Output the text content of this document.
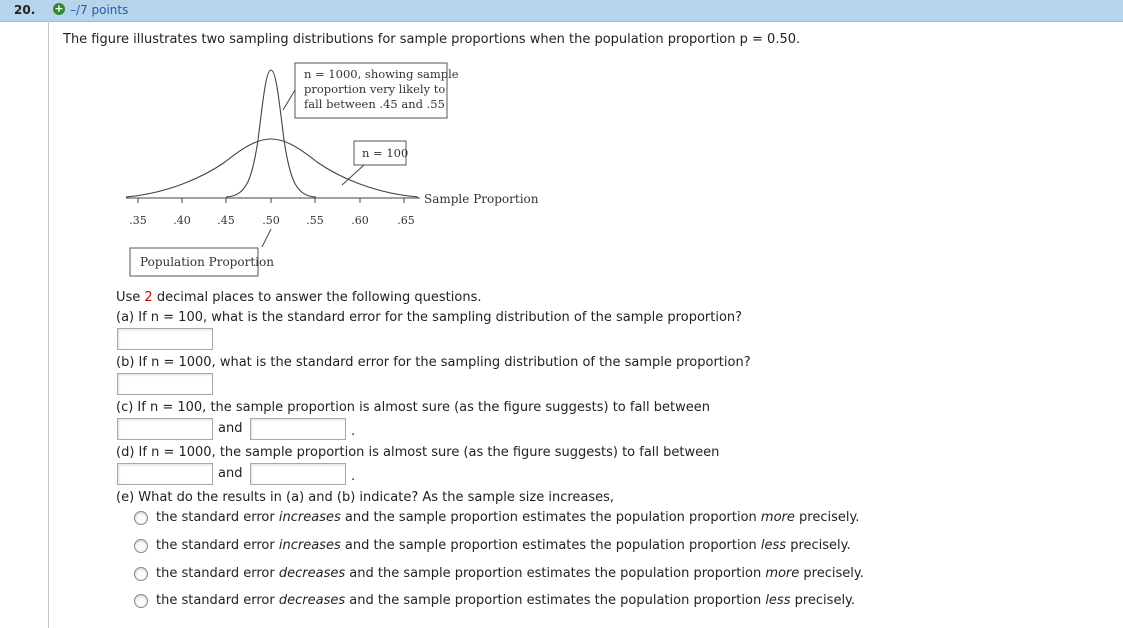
20. + –/7 points
The figure illustrates two sampling distributions for sample proportions when the population proportion p = 0.50.
.35 .40 .45	.50 .55	.60	.65
n = 1000, showing sample
proportion very likely to
fall between .45 and .55
n = 100
Sample Proportion
Population Proportion
Use 2 decimal places to answer the following questions.
(a) If n = 100, what is the standard error for the sampling distribution of the sample proportion?
(b) If n = 1000, what is the standard error for the sampling distribution of the sample proportion?
(c) If n = 100, the sample proportion is almost sure (as the figure suggests) to fall between
and	.
(d) If n = 1000, the sample proportion is almost sure (as the figure suggests) to fall between
and	.
(e) What do the results in (a) and (b) indicate? As the sample size increases,
the standard error increases and the sample proportion estimates the population proportion more precisely.
the standard error increases and the sample proportion estimates the population proportion less precisely.
the standard error decreases and the sample proportion estimates the population proportion more precisely.
the standard error decreases and the sample proportion estimates the population proportion less precisely.
